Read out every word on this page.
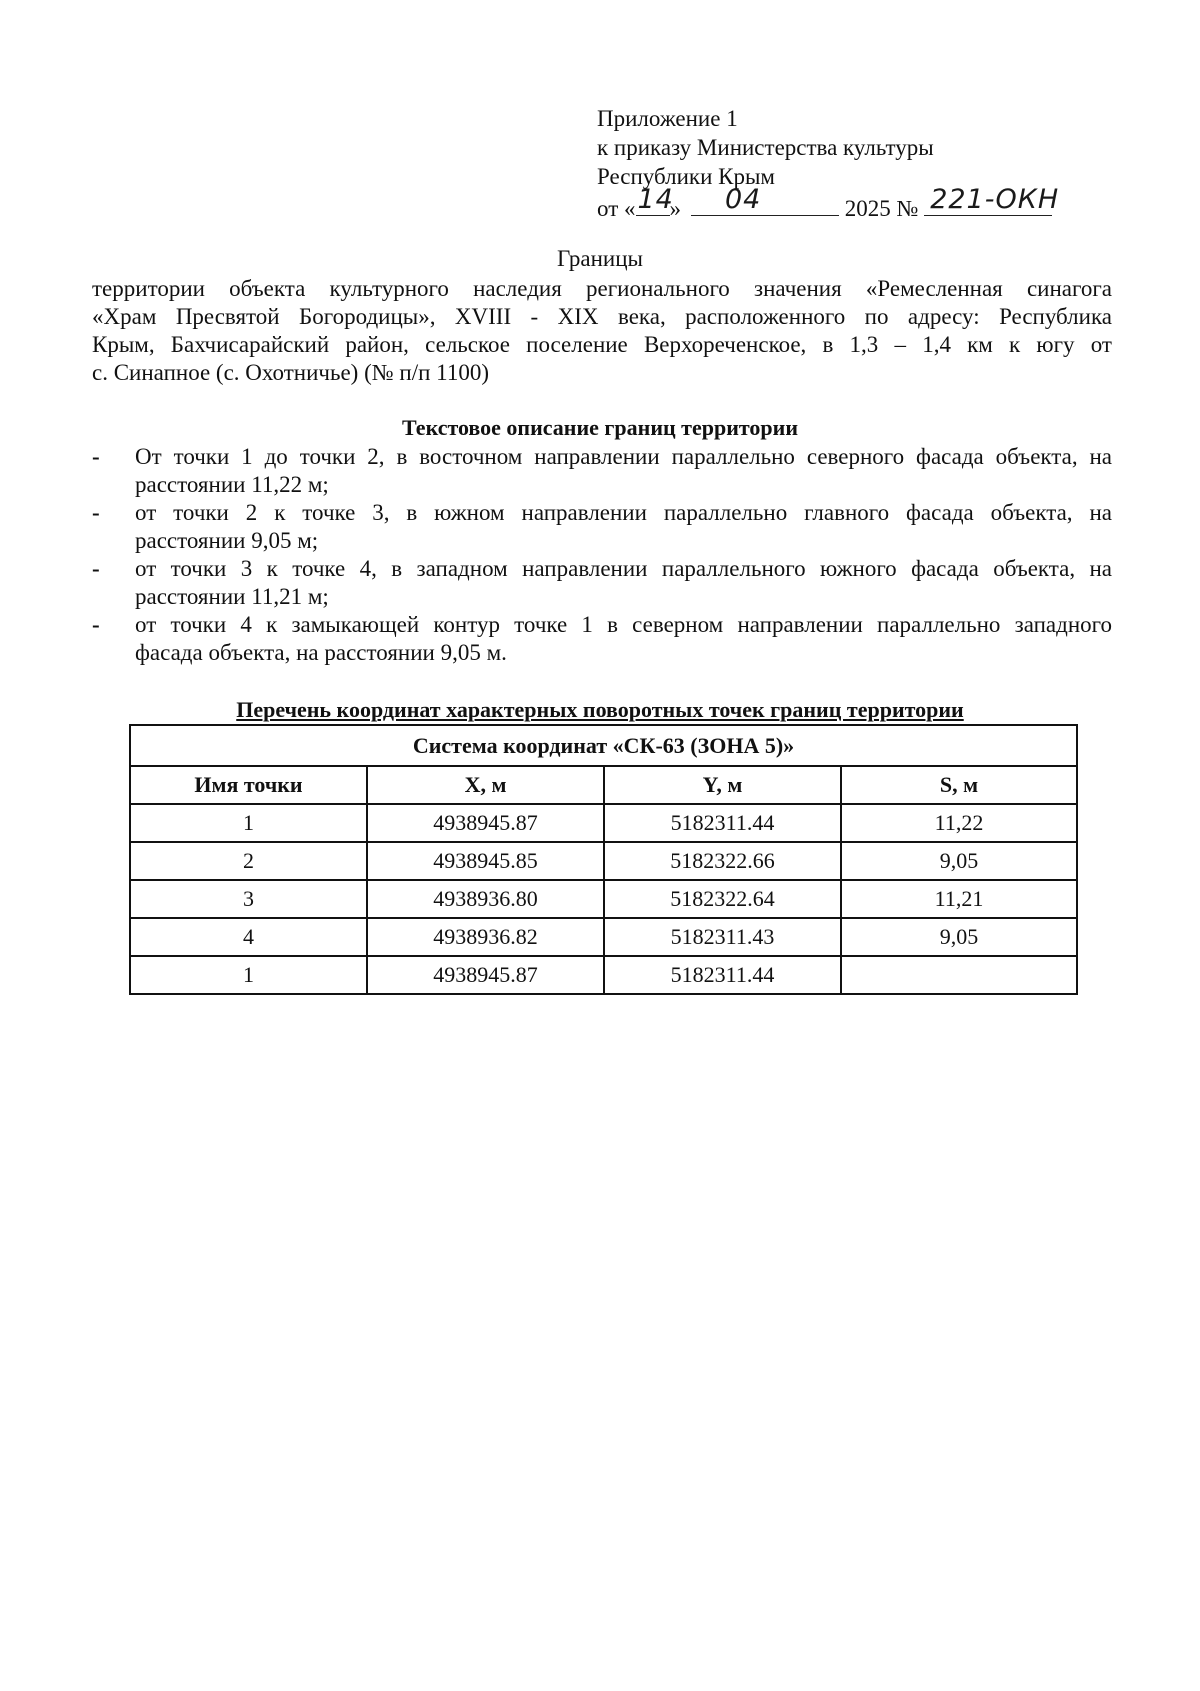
Приложение 1
к приказу Министерства культуры
Республики Крым
от « 14
» 04	2025 № 221-ОКН
Границы
территории объекта культурного наследия регионального значения «Ремесленная синагога
«Храм Пресвятой Богородицы», XVIII - XIX века, расположенного по адресу: Республика
Крым, Бахчисарайский район, сельское поселение Верхореченское, в 1,3 – 1,4 км к югу от
с. Синапное (с. Охотничье) (№ п/п 1100)
Текстовое описание границ территории
- От точки 1 до точки 2, в восточном направлении параллельно северного фасада объекта, на
расстоянии 11,22 м;
- от точки 2 к точке 3, в южном направлении параллельно главного фасада объекта, на
расстоянии 9,05 м;
- от точки 3 к точке 4, в западном направлении параллельного южного фасада объекта, на
расстоянии 11,21 м;
- от точки 4 к замыкающей контур точке 1 в северном направлении параллельно западного
фасада объекта, на расстоянии 9,05 м.
Перечень координат характерных поворотных точек границ территории
Система координат «СК-63 (ЗОНА 5)»			
Имя точки	X, м	Y, м	S, м
1	4938945.87	5182311.44	11,22
2	4938945.85	5182322.66	9,05
3	4938936.80	5182322.64	11,21
4	4938936.82	5182311.43	9,05
1	4938945.87	5182311.44	
